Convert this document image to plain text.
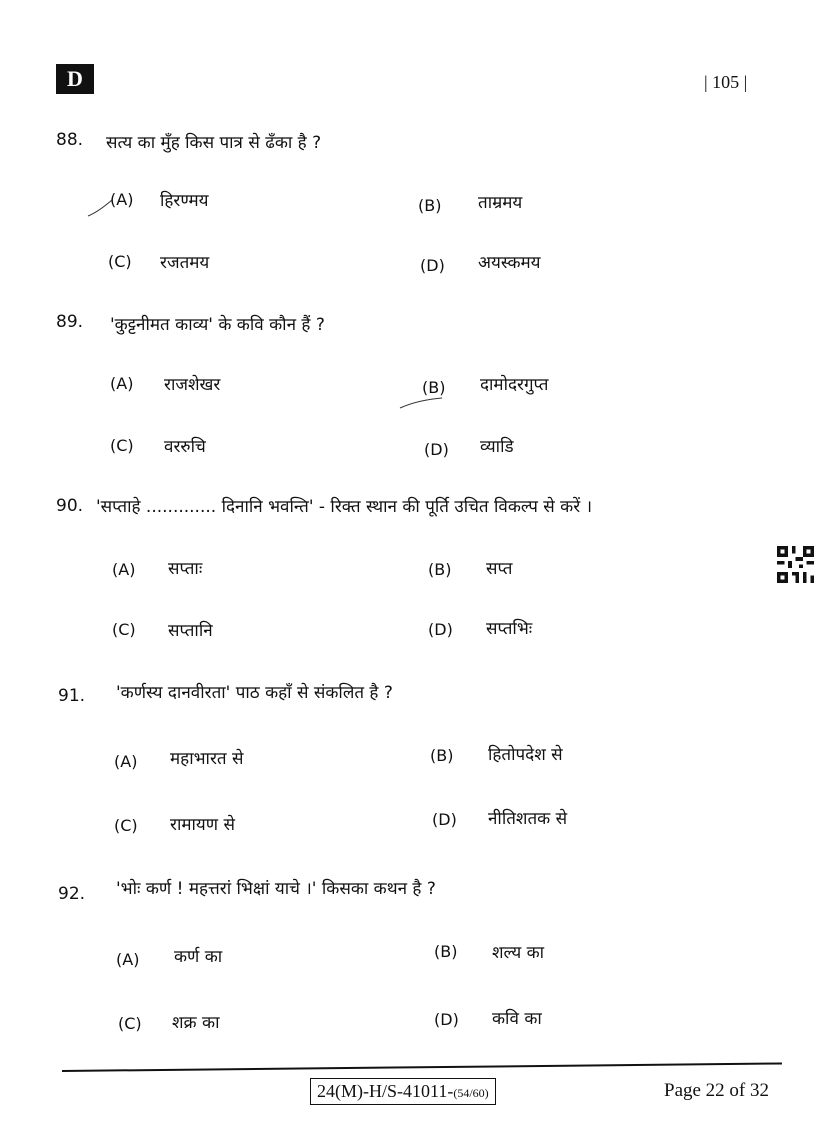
D	| 105 |
88. सत्य का मुँह किस पात्र से ढँका है ?
(A) हिरण्मय	(B) ताम्रमय
(C) रजतमय	(D) अयस्कमय
89. 'कुट्टनीमत काव्य' के कवि कौन हैं ?
(A) राजशेखर	(B) दामोदरगुप्त
(C) वररुचि	(D) व्याडि
90. 'सप्ताहे ............. दिनानि भवन्ति' - रिक्त स्थान की पूर्ति उचित विकल्प से करें ।
(A) सप्ताः	(B) सप्त
(C) सप्तानि	(D) सप्तभिः
91. 'कर्णस्य दानवीरता' पाठ कहाँ से संकलित है ?
(A) महाभारत से	(B) हितोपदेश से
(C) रामायण से	(D) नीतिशतक से
92. 'भोः कर्ण ! महत्तरां भिक्षां याचे ।' किसका कथन है ?
(A) कर्ण का	(B) शल्य का
(C) शक्र का	(D) कवि का
24(M)-H/S-41011-(54/60)	Page 22 of 32
